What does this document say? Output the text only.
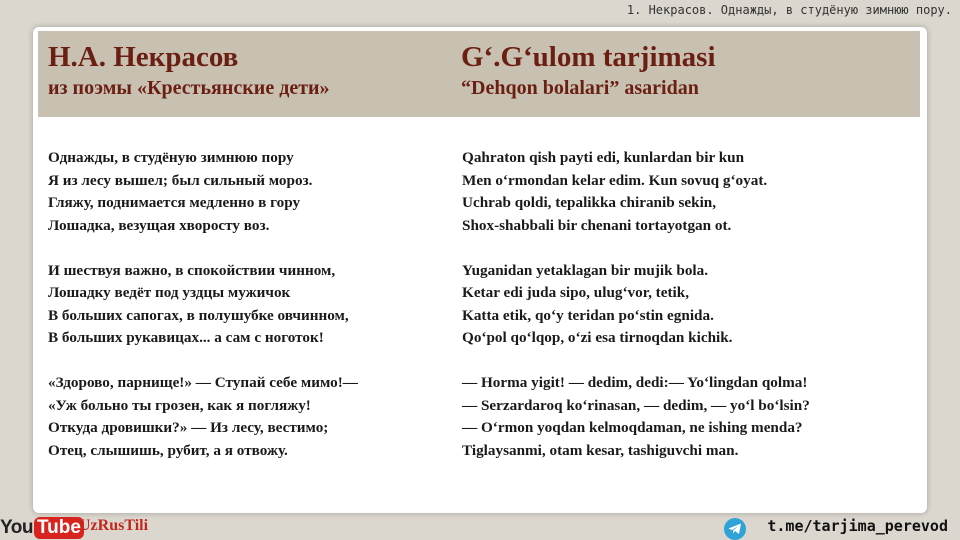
1. Некрасов. Однажды, в студёную зимнюю пору.
Н.А. Некрасов
из поэмы «Крестьянские дети»
G‘.G‘ulom tarjimasi
“Dehqon bolalari” asaridan
Однажды, в студёную зимнюю пору
Я из лесу вышел; был сильный мороз.
Гляжу, поднимается медленно в гору
Лошадка, везущая хворосту воз.
И шествуя важно, в спокойствии чинном,
Лошадку ведёт под уздцы мужичок
В больших сапогах, в полушубке овчинном,
В больших рукавицах... а сам с ноготок!
«Здорово, парнище!» — Ступай себе мимо!—
«Уж больно ты грозен, как я погляжу!
Откуда дровишки?» — Из лесу, вестимо;
Отец, слышишь, рубит, а я отвожу.
Qahraton qish payti edi, kunlardan bir kun
Men o‘rmondan kelar edim. Kun sovuq g‘oyat.
Uchrab qoldi, tepalikka chiranib sekin,
Shox-shabbali bir chenani tortayotgan ot.
Yuganidan yetaklagan bir mujik bola.
Ketar edi juda sipo, ulug‘vor, tetik,
Katta etik, qo‘y teridan po‘stin egnida.
Qo‘pol qo‘lqop, o‘zi esa tirnoqdan kichik.
— Horma yigit! — dedim, dedi:— Yo‘lingdan qolma!
— Serzardaroq ko‘rinasan, — dedim, — yo‘l bo‘lsin?
— O‘rmon yoqdan kelmoqdaman, ne ishing menda?
Tiglaysanmi, otam kesar, tashiguvchi man.
You Tube
UzRusTili	t.me/tarjima_perevod
